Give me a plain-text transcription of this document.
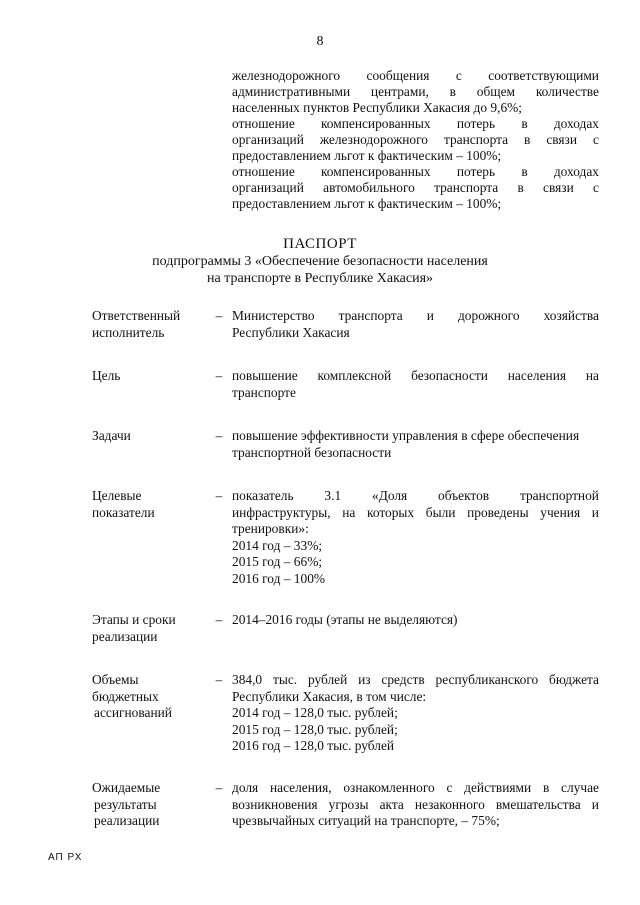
8
железнодорожного сообщения с соответствующими
административными центрами, в общем количестве
населенных пунктов Республики Хакасия до 9,6%;
отношение компенсированных потерь в доходах
организаций железнодорожного транспорта в связи с
предоставлением льгот к фактическим – 100%;
отношение компенсированных потерь в доходах
организаций автомобильного транспорта в связи с
предоставлением льгот к фактическим – 100%;
ПАСПОРТ
подпрограммы 3 «Обеспечение безопасности населения
на транспорте в Республике Хакасия»
Ответственный
исполнитель
– Министерство транспорта и дорожного хозяйства
Республики Хакасия
Цель	– повышение комплексной безопасности населения на
транспорте
Задачи	– повышение эффективности управления в сфере обеспечения
транспортной безопасности
Целевые
показатели
– показатель 3.1 «Доля объектов транспортной
инфраструктуры, на которых были проведены учения и
тренировки»:
2014 год – 33%;
2015 год – 66%;
2016 год – 100%
Этапы и сроки
реализации
– 2014–2016 годы (этапы не выделяются)
Объемы
бюджетных
ассигнований
– 384,0 тыс. рублей из средств республиканского бюджета
Республики Хакасия, в том числе:
2014 год – 128,0 тыс. рублей;
2015 год – 128,0 тыс. рублей;
2016 год – 128,0 тыс. рублей
Ожидаемые
результаты
реализации
– доля населения, ознакомленного с действиями в случае
возникновения угрозы акта незаконного вмешательства и
чрезвычайных ситуаций на транспорте, – 75%;
АП РХ
